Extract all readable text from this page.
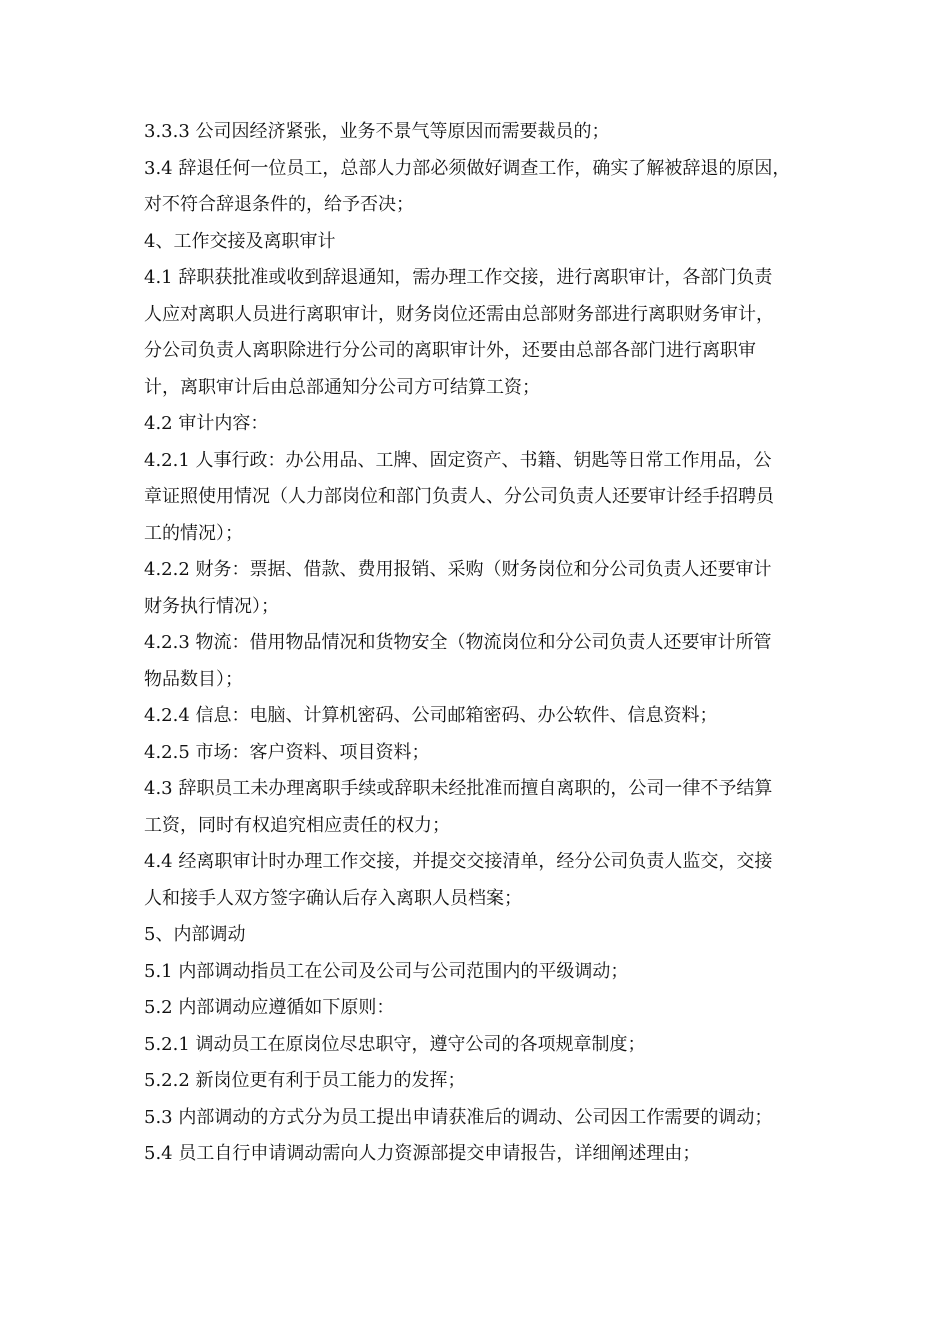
3.3.3 公司因经济紧张，业务不景气等原因而需要裁员的；
3.4 辞退任何一位员工，总部人力部必须做好调查工作，确实了解被辞退的原因，
对不符合辞退条件的，给予否决；
4、工作交接及离职审计
4.1 辞职获批准或收到辞退通知，需办理工作交接，进行离职审计，各部门负责
人应对离职人员进行离职审计，财务岗位还需由总部财务部进行离职财务审计，
分公司负责人离职除进行分公司的离职审计外，还要由总部各部门进行离职审
计，离职审计后由总部通知分公司方可结算工资；
4.2 审计内容：
4.2.1 人事行政：办公用品、工牌、固定资产、书籍、钥匙等日常工作用品，公
章证照使用情况（人力部岗位和部门负责人、分公司负责人还要审计经手招聘员
工的情况）；
4.2.2 财务：票据、借款、费用报销、采购（财务岗位和分公司负责人还要审计
财务执行情况）；
4.2.3 物流：借用物品情况和货物安全（物流岗位和分公司负责人还要审计所管
物品数目）；
4.2.4 信息：电脑、计算机密码、公司邮箱密码、办公软件、信息资料；
4.2.5 市场：客户资料、项目资料；
4.3 辞职员工未办理离职手续或辞职未经批准而擅自离职的，公司一律不予结算
工资，同时有权追究相应责任的权力；
4.4 经离职审计时办理工作交接，并提交交接清单，经分公司负责人监交，交接
人和接手人双方签字确认后存入离职人员档案；
5、内部调动
5.1 内部调动指员工在公司及公司与公司范围内的平级调动；
5.2 内部调动应遵循如下原则：
5.2.1 调动员工在原岗位尽忠职守，遵守公司的各项规章制度；
5.2.2 新岗位更有利于员工能力的发挥；
5.3 内部调动的方式分为员工提出申请获准后的调动、公司因工作需要的调动；
5.4 员工自行申请调动需向人力资源部提交申请报告，详细阐述理由；
